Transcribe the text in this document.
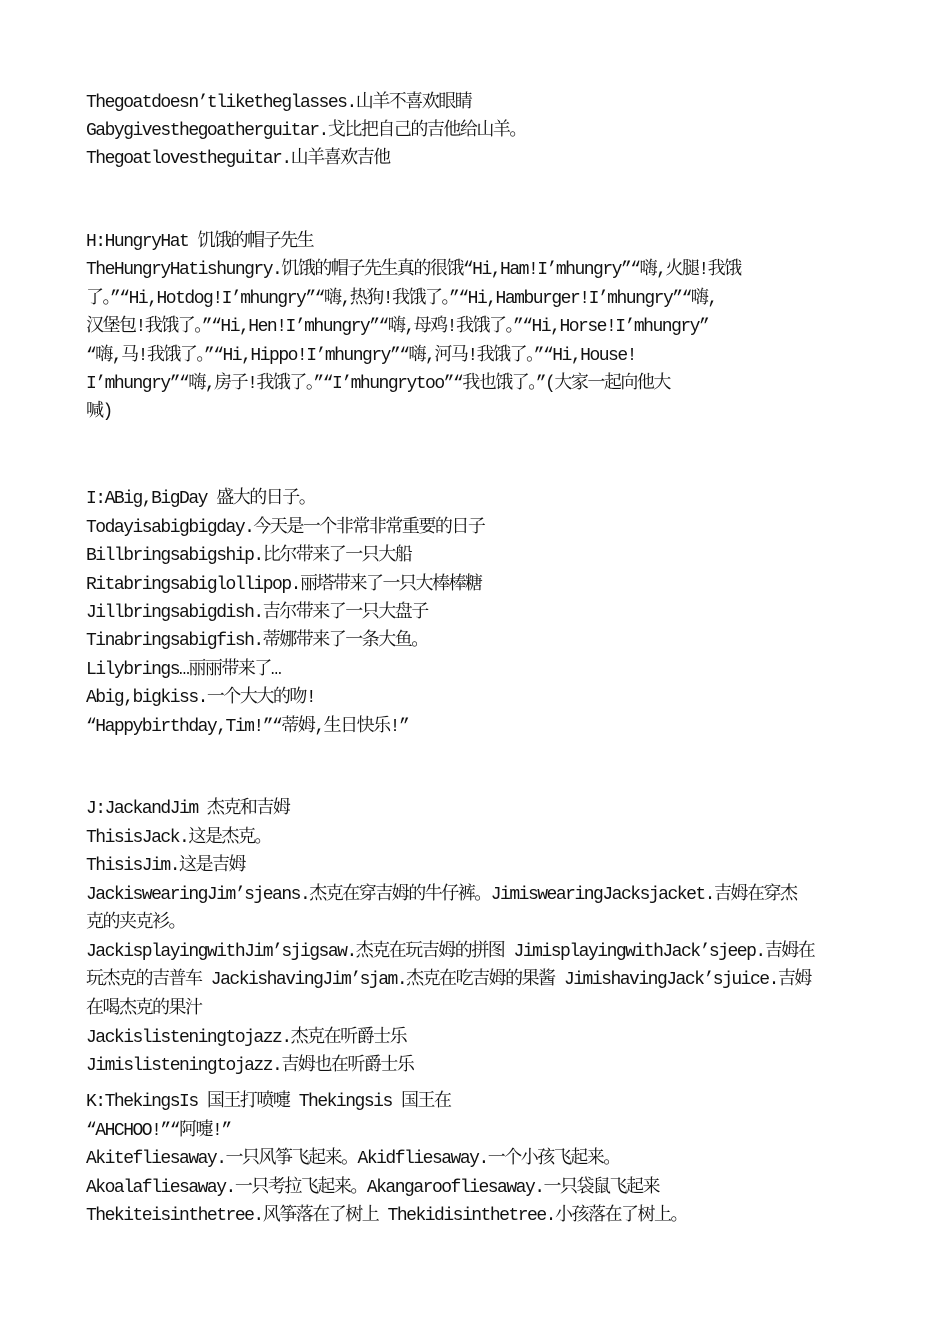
Thegoatdoesn’tliketheglasses.山羊不喜欢眼睛
Gabygivesthegoatherguitar.戈比把自己的吉他给山羊。
Thegoatlovestheguitar.山羊喜欢吉他
H:HungryHat 饥饿的帽子先生
TheHungryHatishungry.饥饿的帽子先生真的很饿“Hi,Ham!I’mhungry”“嗨,火腿!我饿
了。”“Hi,Hotdog!I’mhungry”“嗨,热狗!我饿了。”“Hi,Hamburger!I’mhungry”“嗨,
汉堡包!我饿了。”“Hi,Hen!I’mhungry”“嗨,母鸡!我饿了。”“Hi,Horse!I’mhungry”
“嗨,马!我饿了。”“Hi,Hippo!I’mhungry”“嗨,河马!我饿了。”“Hi,House!
I’mhungry”“嗨,房子!我饿了。”“I’mhungrytoo”“我也饿了。”(大家一起向他大
喊)
I:ABig,BigDay 盛大的日子。
Todayisabigbigday.今天是一个非常非常重要的日子
Billbringsabigship.比尔带来了一只大船
Ritabringsabiglollipop.丽塔带来了一只大棒棒糖
Jillbringsabigdish.吉尔带来了一只大盘子
Tinabringsabigfish.蒂娜带来了一条大鱼。
Lilybrings…丽丽带来了…
Abig,bigkiss.一个大大的吻!
“Happybirthday,Tim!”“蒂姆,生日快乐!”
J:JackandJim 杰克和吉姆
ThisisJack.这是杰克。
ThisisJim.这是吉姆
JackiswearingJim’sjeans.杰克在穿吉姆的牛仔裤。JimiswearingJacksjacket.吉姆在穿杰
克的夹克衫。
JackisplayingwithJim’sjigsaw.杰克在玩吉姆的拼图 JimisplayingwithJack’sjeep.吉姆在
玩杰克的吉普车 JackishavingJim’sjam.杰克在吃吉姆的果酱 JimishavingJack’sjuice.吉姆
在喝杰克的果汁
Jackislisteningtojazz.杰克在听爵士乐
Jimislisteningtojazz.吉姆也在听爵士乐
K:ThekingsIs 国王打喷嚏 Thekingsis 国王在
“AHCHOO!”“阿嚏!”
Akitefliesaway.一只风筝飞起来。Akidfliesaway.一个小孩飞起来。
Akoalafliesaway.一只考拉飞起来。Akangaroofliesaway.一只袋鼠飞起来
Thekiteisinthetree.风筝落在了树上 Thekidisinthetree.小孩落在了树上。
